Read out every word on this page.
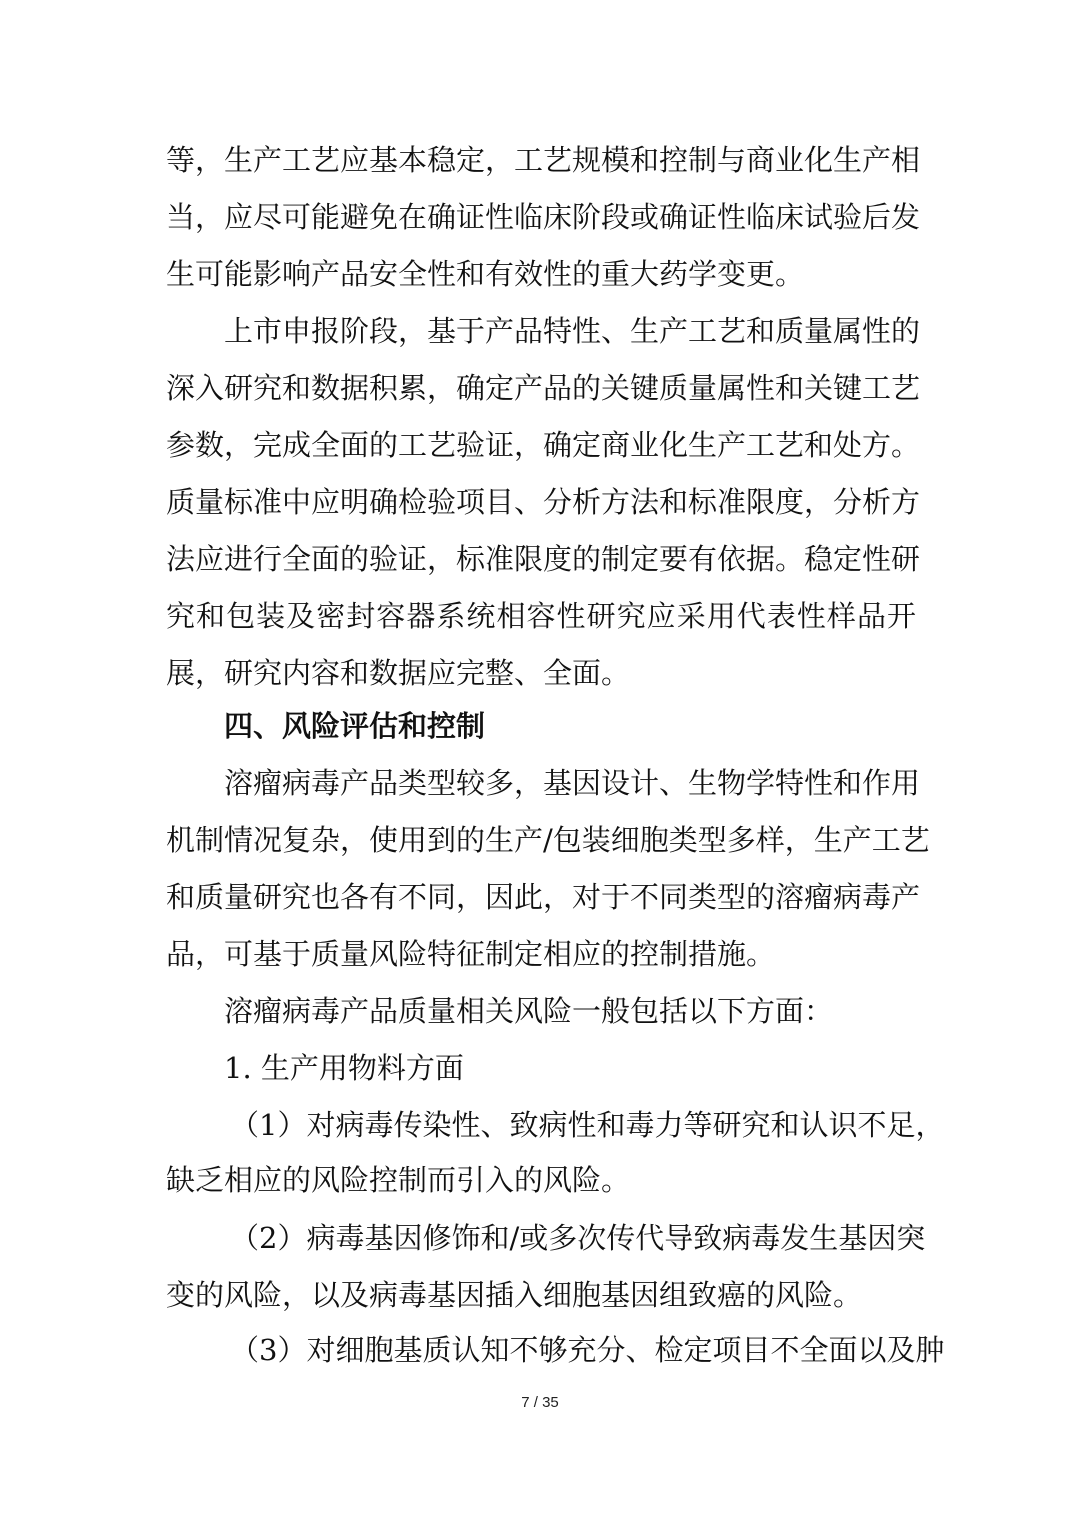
等，生产工艺应基本稳定，工艺规模和控制与商业化生产相
当，应尽可能避免在确证性临床阶段或确证性临床试验后发
生可能影响产品安全性和有效性的重大药学变更。
上市申报阶段，基于产品特性、生产工艺和质量属性的
深入研究和数据积累，确定产品的关键质量属性和关键工艺
参数，完成全面的工艺验证，确定商业化生产工艺和处方。
质量标准中应明确检验项目、分析方法和标准限度，分析方
法应进行全面的验证，标准限度的制定要有依据。稳定性研
究和包装及密封容器系统相容性研究应采用代表性样品开
展，研究内容和数据应完整、全面。
四、风险评估和控制
溶瘤病毒产品类型较多，基因设计、生物学特性和作用
机制情况复杂，使用到的生产/包装细胞类型多样，生产工艺
和质量研究也各有不同，因此，对于不同类型的溶瘤病毒产
品，可基于质量风险特征制定相应的控制措施。
溶瘤病毒产品质量相关风险一般包括以下方面：
1. 生产用物料方面
（1）对病毒传染性、致病性和毒力等研究和认识不足，
缺乏相应的风险控制而引入的风险。
（2）病毒基因修饰和/或多次传代导致病毒发生基因突
变的风险，以及病毒基因插入细胞基因组致癌的风险。
（3）对细胞基质认知不够充分、检定项目不全面以及肿
7 / 35
